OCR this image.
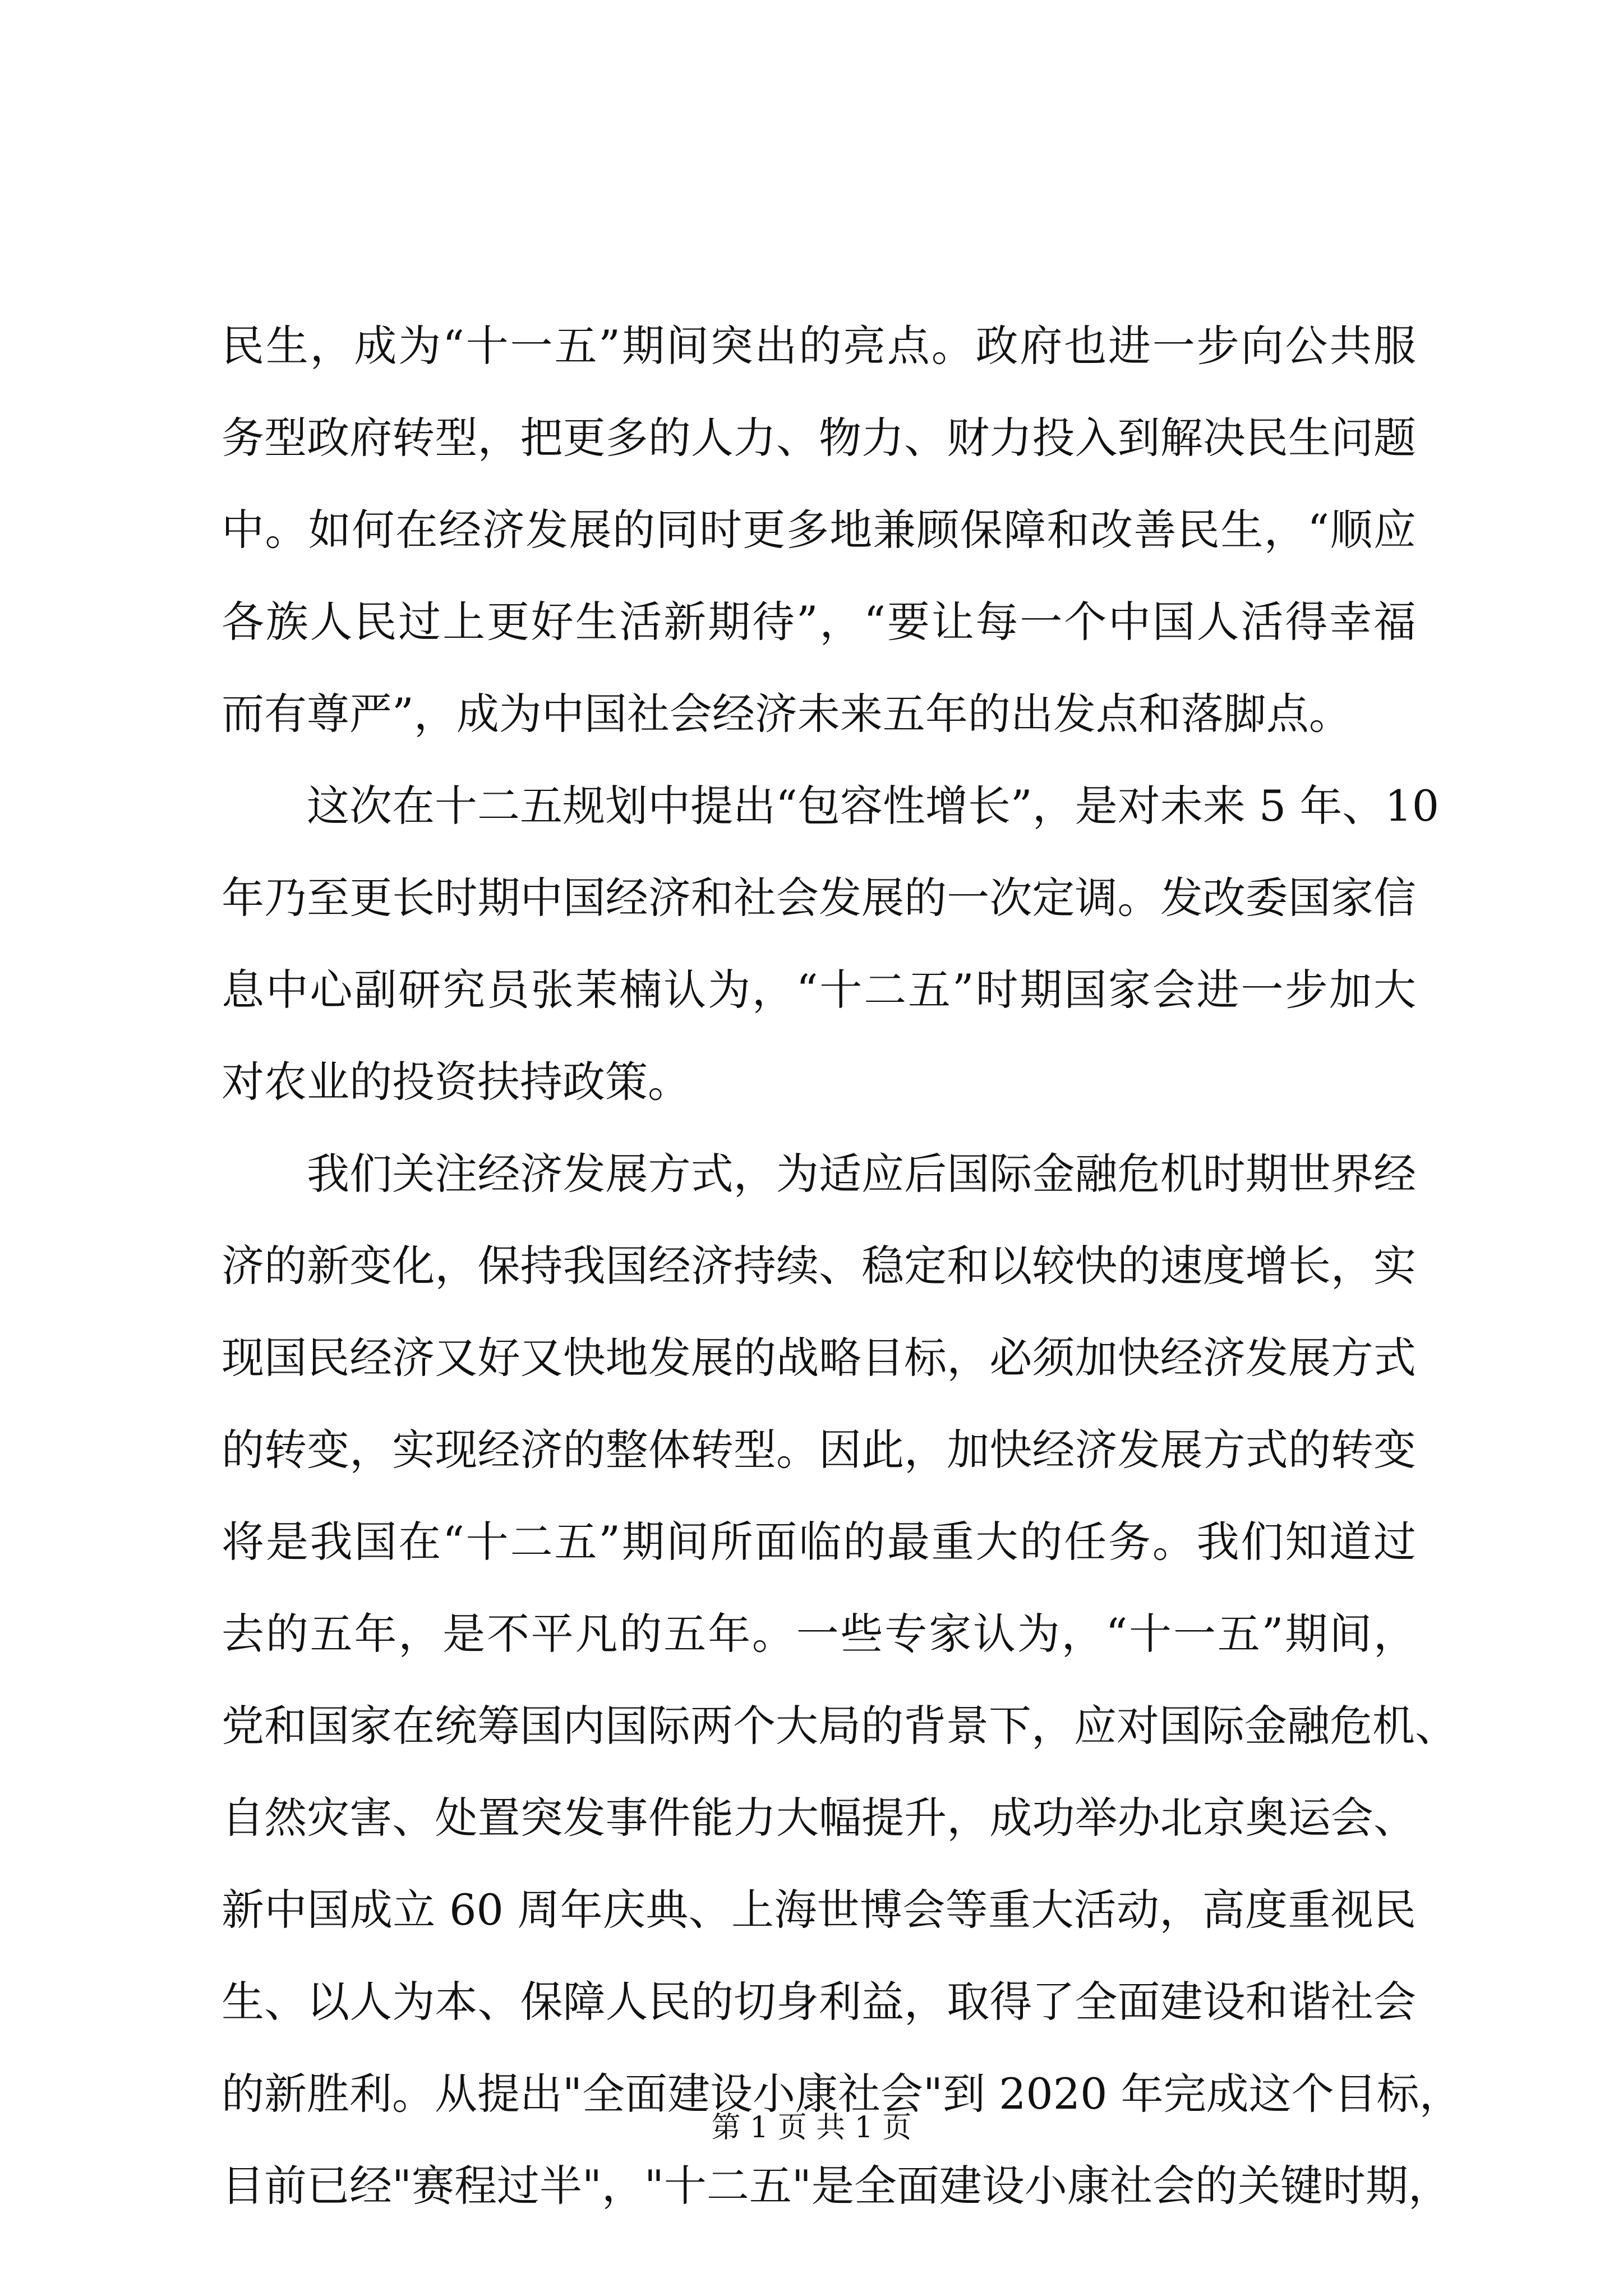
民生，成为“十一五”期间突出的亮点。政府也进一步向公共服
务型政府转型，把更多的人力、物力、财力投入到解决民生问题
中。如何在经济发展的同时更多地兼顾保障和改善民生，“顺应
各族人民过上更好生活新期待”，“要让每一个中国人活得幸福
而有尊严”，成为中国社会经济未来五年的出发点和落脚点。
这次在十二五规划中提出“包容性增长”，是对未来 5 年、10
年乃至更长时期中国经济和社会发展的一次定调。发改委国家信
息中心副研究员张茉楠认为，“十二五”时期国家会进一步加大
对农业的投资扶持政策。
我们关注经济发展方式，为适应后国际金融危机时期世界经
济的新变化，保持我国经济持续、稳定和以较快的速度增长，实
现国民经济又好又快地发展的战略目标，必须加快经济发展方式
的转变，实现经济的整体转型。因此，加快经济发展方式的转变
将是我国在“十二五”期间所面临的最重大的任务。我们知道过
去的五年，是不平凡的五年。一些专家认为，“十一五”期间，
党和国家在统筹国内国际两个大局的背景下，应对国际金融危机、
自然灾害、处置突发事件能力大幅提升，成功举办北京奥运会、
新中国成立 60 周年庆典、上海世博会等重大活动，高度重视民
生、以人为本、保障人民的切身利益，取得了全面建设和谐社会
的新胜利。从提出"全面建设小康社会"到 2020 年完成这个目标，
目前已经"赛程过半"，"十二五"是全面建设小康社会的关键时期，
第 1 页 共 1 页
